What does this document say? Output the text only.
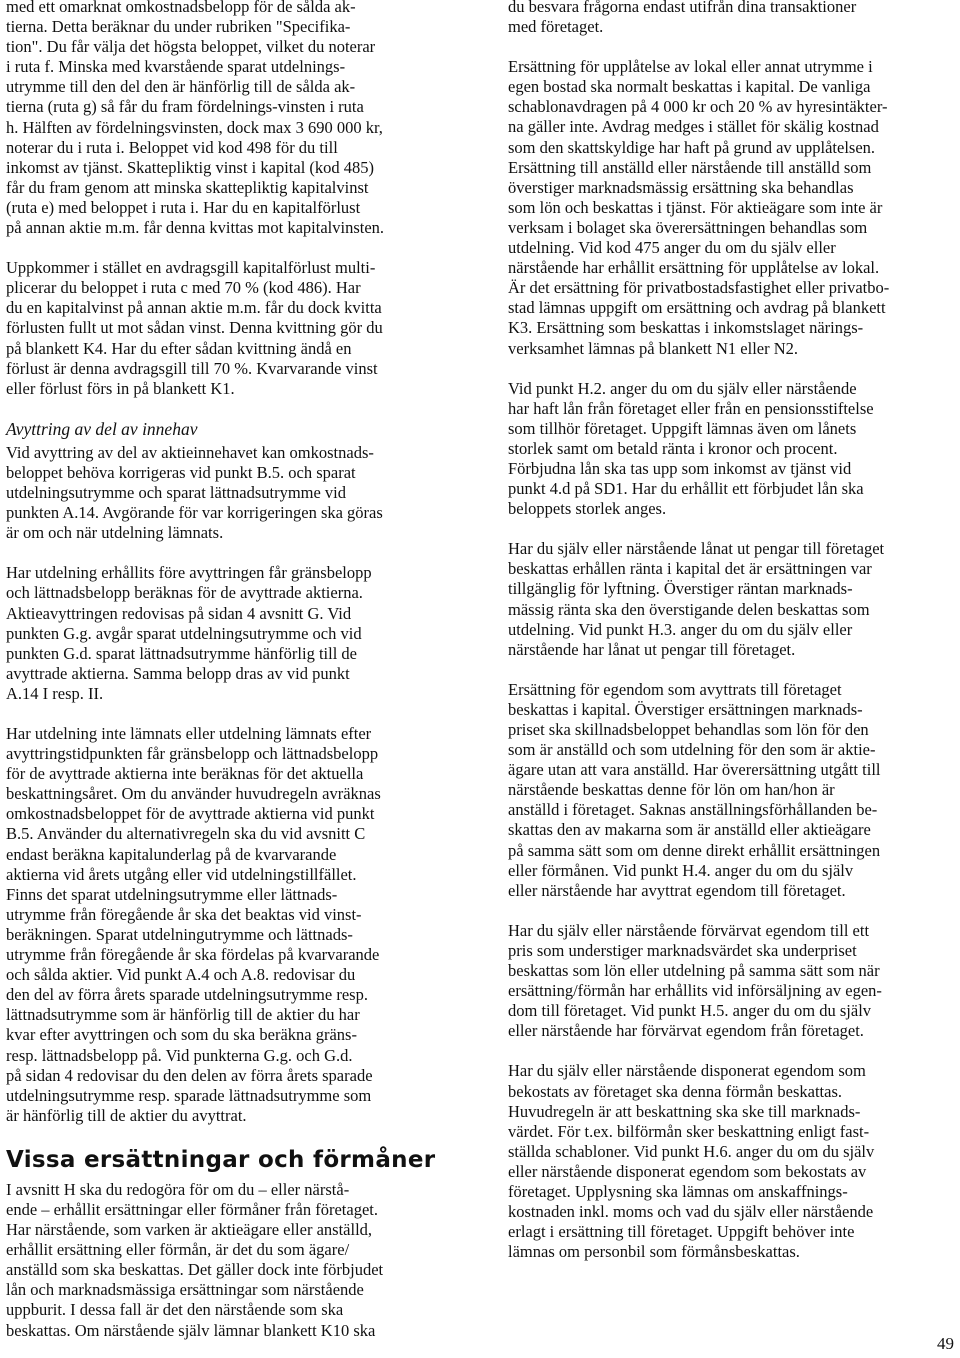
med ett omarknat omkostnadsbelopp för de sålda ak-
tierna. Detta beräknar du under rubriken "Specifika-
tion". Du får välja det högsta beloppet, vilket du noterar
i ruta f. Minska med kvarstående sparat utdelnings-
utrymme till den del den är hänförlig till de sålda ak-
tierna (ruta g) så får du fram fördelnings-vinsten i ruta
h. Hälften av fördelningsvinsten, dock max 3 690 000 kr,
noterar du i ruta i. Beloppet vid kod 498 för du till
inkomst av tjänst. Skattepliktig vinst i kapital (kod 485)
får du fram genom att minska skattepliktig kapitalvinst
(ruta e) med beloppet i ruta i. Har du en kapitalförlust
på annan aktie m.m. får denna kvittas mot kapitalvinsten.

Uppkommer i stället en avdragsgill kapitalförlust multi-
plicerar du beloppet i ruta c med 70 % (kod 486). Har
du en kapitalvinst på annan aktie m.m. får du dock kvitta
förlusten fullt ut mot sådan vinst. Denna kvittning gör du
på blankett K4. Har du efter sådan kvittning ändå en
förlust är denna avdragsgill till 70 %. Kvarvarande vinst
eller förlust förs in på blankett K1.

Avyttring av del av innehav

Vid avyttring av del av aktieinnehavet kan omkostnads-
beloppet behöva korrigeras vid punkt B.5. och sparat
utdelningsutrymme och sparat lättnadsutrymme vid
punkten A.14. Avgörande för var korrigeringen ska göras
är om och när utdelning lämnats.

Har utdelning erhållits före avyttringen får gränsbelopp
och lättnadsbelopp beräknas för de avyttrade aktierna.
Aktieavyttringen redovisas på sidan 4 avsnitt G. Vid
punkten G.g. avgår sparat utdelningsutrymme och vid
punkten G.d. sparat lättnadsutrymme hänförlig till de
avyttrade aktierna. Samma belopp dras av vid punkt
A.14 I resp. II.

Har utdelning inte lämnats eller utdelning lämnats efter
avyttringstidpunkten får gränsbelopp och lättnadsbelopp
för de avyttrade aktierna inte beräknas för det aktuella
beskattningsåret. Om du använder huvudregeln avräknas
omkostnadsbeloppet för de avyttrade aktierna vid punkt
B.5. Använder du alternativregeln ska du vid avsnitt C
endast beräkna kapitalunderlag på de kvarvarande
aktierna vid årets utgång eller vid utdelningstillfället.
Finns det sparat utdelningsutrymme eller lättnads-
utrymme från föregående år ska det beaktas vid vinst-
beräkningen. Sparat utdelningutrymme och lättnads-
utrymme från föregående år ska fördelas på kvarvarande
och sålda aktier. Vid punkt A.4 och A.8. redovisar du
den del av förra årets sparade utdelningsutrymme resp.
lättnadsutrymme som är hänförlig till de aktier du har
kvar efter avyttringen och som du ska beräkna gräns-
resp. lättnadsbelopp på. Vid punkterna G.g. och G.d.
på sidan 4 redovisar du den delen av förra årets sparade
utdelningsutrymme resp. sparade lättnadsutrymme som
är hänförlig till de aktier du avyttrat.

Vissa ersättningar och förmåner

I avsnitt H ska du redogöra för om du – eller närstå-
ende – erhållit ersättningar eller förmåner från företaget.
Har närstående, som varken är aktieägare eller anställd,
erhållit ersättning eller förmån, är det du som ägare/
anställd som ska beskattas. Det gäller dock inte förbjudet
lån och marknadsmässiga ersättningar som närstående
uppburit. I dessa fall är det den närstående som ska
beskattas. Om närstående själv lämnar blankett K10 ska

du besvara frågorna endast utifrån dina transaktioner
med företaget.

Ersättning för upplåtelse av lokal eller annat utrymme i
egen bostad ska normalt beskattas i kapital. De vanliga
schablonavdragen på 4 000 kr och 20 % av hyresintäkter-
na gäller inte. Avdrag medges i stället för skälig kostnad
som den skattskyldige har haft på grund av upplåtelsen.
Ersättning till anställd eller närstående till anställd som
överstiger marknadsmässig ersättning ska behandlas
som lön och beskattas i tjänst. För aktieägare som inte är
verksam i bolaget ska överersättningen behandlas som
utdelning. Vid kod 475 anger du om du själv eller
närstående har erhållit ersättning för upplåtelse av lokal.
Är det ersättning för privatbostadsfastighet eller privatbo-
stad lämnas uppgift om ersättning och avdrag på blankett
K3. Ersättning som beskattas i inkomstslaget närings-
verksamhet lämnas på blankett N1 eller N2.

Vid punkt H.2. anger du om du själv eller närstående
har haft lån från företaget eller från en pensionsstiftelse
som tillhör företaget. Uppgift lämnas även om lånets
storlek samt om betald ränta i kronor och procent.
Förbjudna lån ska tas upp som inkomst av tjänst vid
punkt 4.d på SD1. Har du erhållit ett förbjudet lån ska
beloppets storlek anges.

Har du själv eller närstående lånat ut pengar till företaget
beskattas erhållen ränta i kapital det är ersättningen var
tillgänglig för lyftning. Överstiger räntan marknads-
mässig ränta ska den överstigande delen beskattas som
utdelning. Vid punkt H.3. anger du om du själv eller
närstående har lånat ut pengar till företaget.

Ersättning för egendom som avyttrats till företaget
beskattas i kapital. Överstiger ersättningen marknads-
priset ska skillnadsbeloppet behandlas som lön för den
som är anställd och som utdelning för den som är aktie-
ägare utan att vara anställd. Har överersättning utgått till
närstående beskattas denne för lön om han/hon är
anställd i företaget. Saknas anställningsförhållanden be-
skattas den av makarna som är anställd eller aktieägare
på samma sätt som om denne direkt erhållit ersättningen
eller förmånen. Vid punkt H.4. anger du om du själv
eller närstående har avyttrat egendom till företaget.

Har du själv eller närstående förvärvat egendom till ett
pris som understiger marknadsvärdet ska underpriset
beskattas som lön eller utdelning på samma sätt som när
ersättning/förmån har erhållits vid införsäljning av egen-
dom till företaget. Vid punkt H.5. anger du om du själv
eller närstående har förvärvat egendom från företaget.

Har du själv eller närstående disponerat egendom som
bekostats av företaget ska denna förmån beskattas.
Huvudregeln är att beskattning ska ske till marknads-
värdet. För t.ex. bilförmån sker beskattning enligt fast-
ställda schabloner. Vid punkt H.6. anger du om du själv
eller närstående disponerat egendom som bekostats av
företaget. Upplysning ska lämnas om anskaffnings-
kostnaden inkl. moms och vad du själv eller närstående
erlagt i ersättning till företaget. Uppgift behöver inte
lämnas om personbil som förmånsbeskattas.

49
